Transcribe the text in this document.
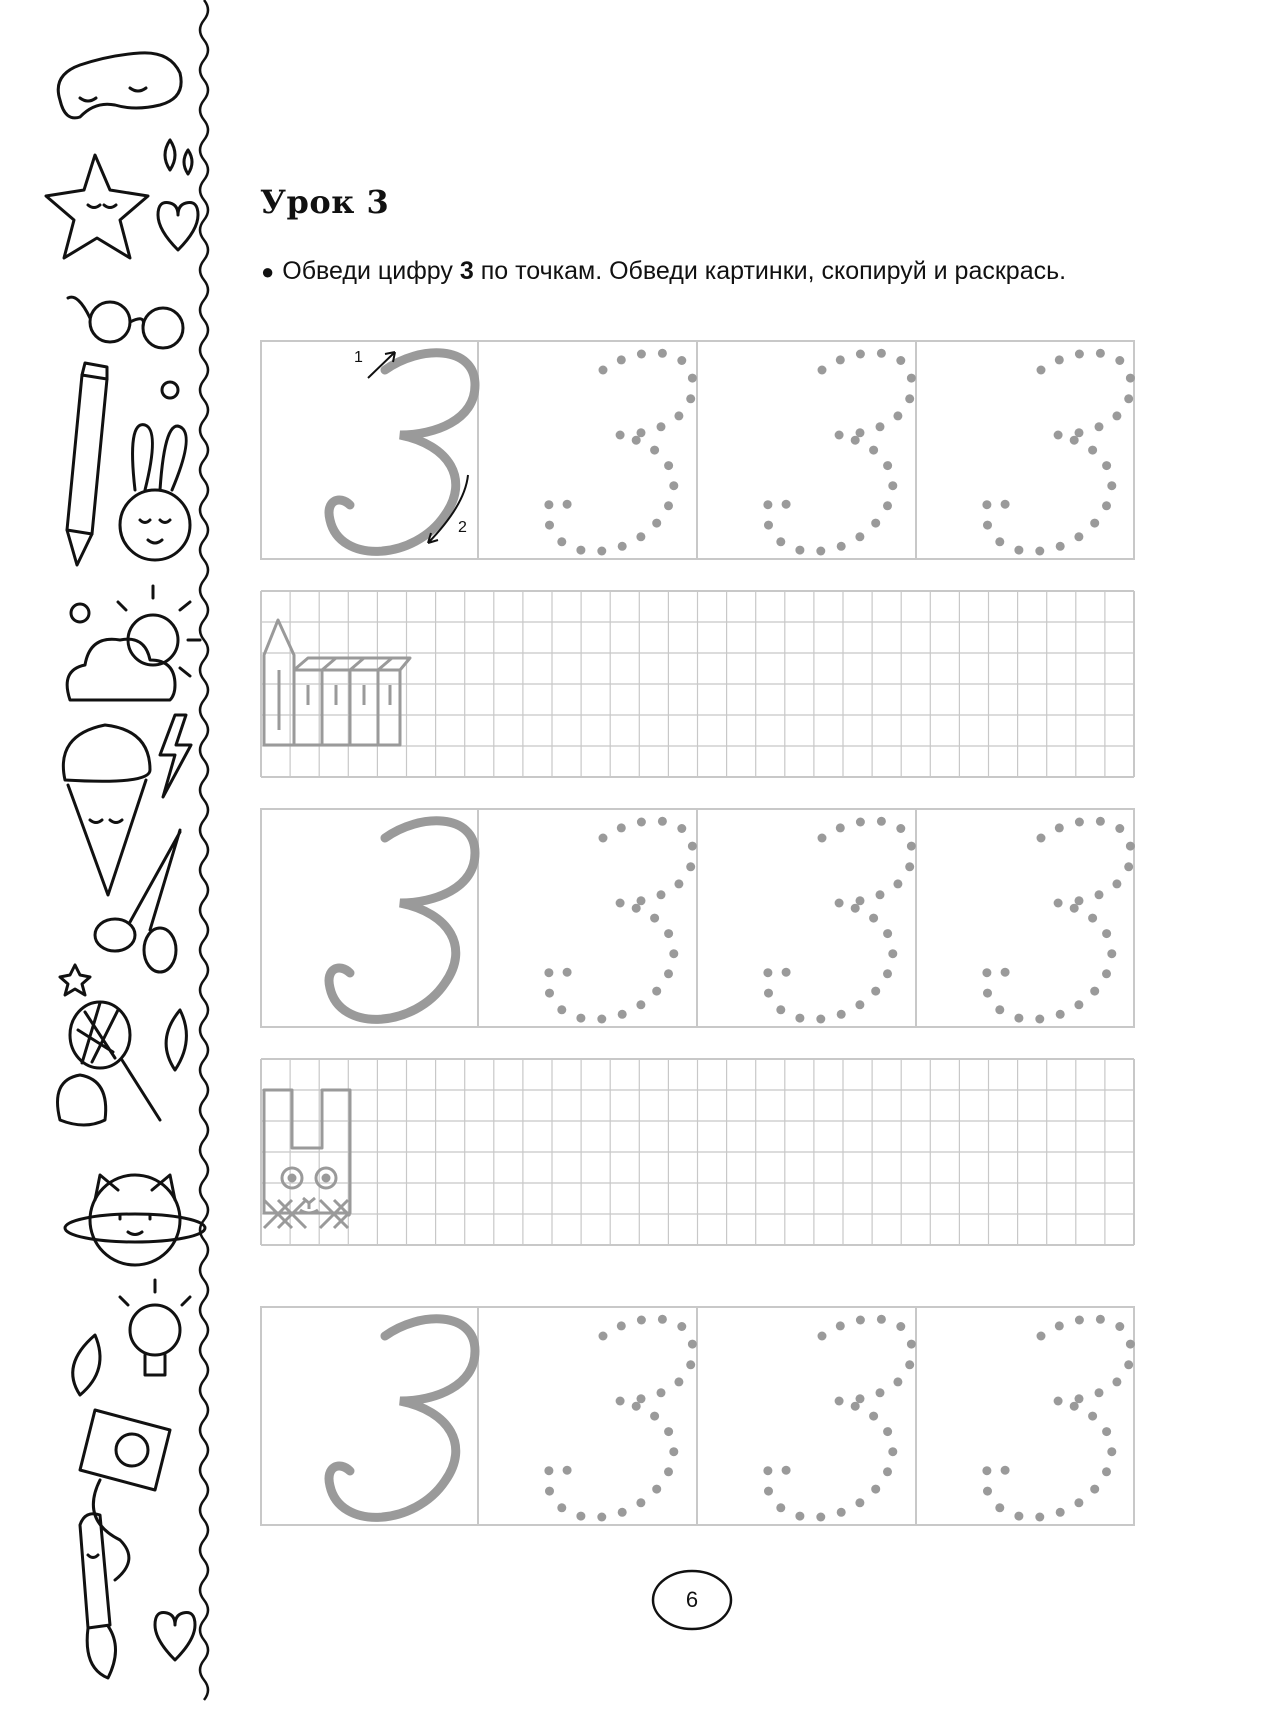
Урок 3
● Обведи цифру 3 по точкам. Обведи картинки, скопируй и раскрась.
1
2
6
